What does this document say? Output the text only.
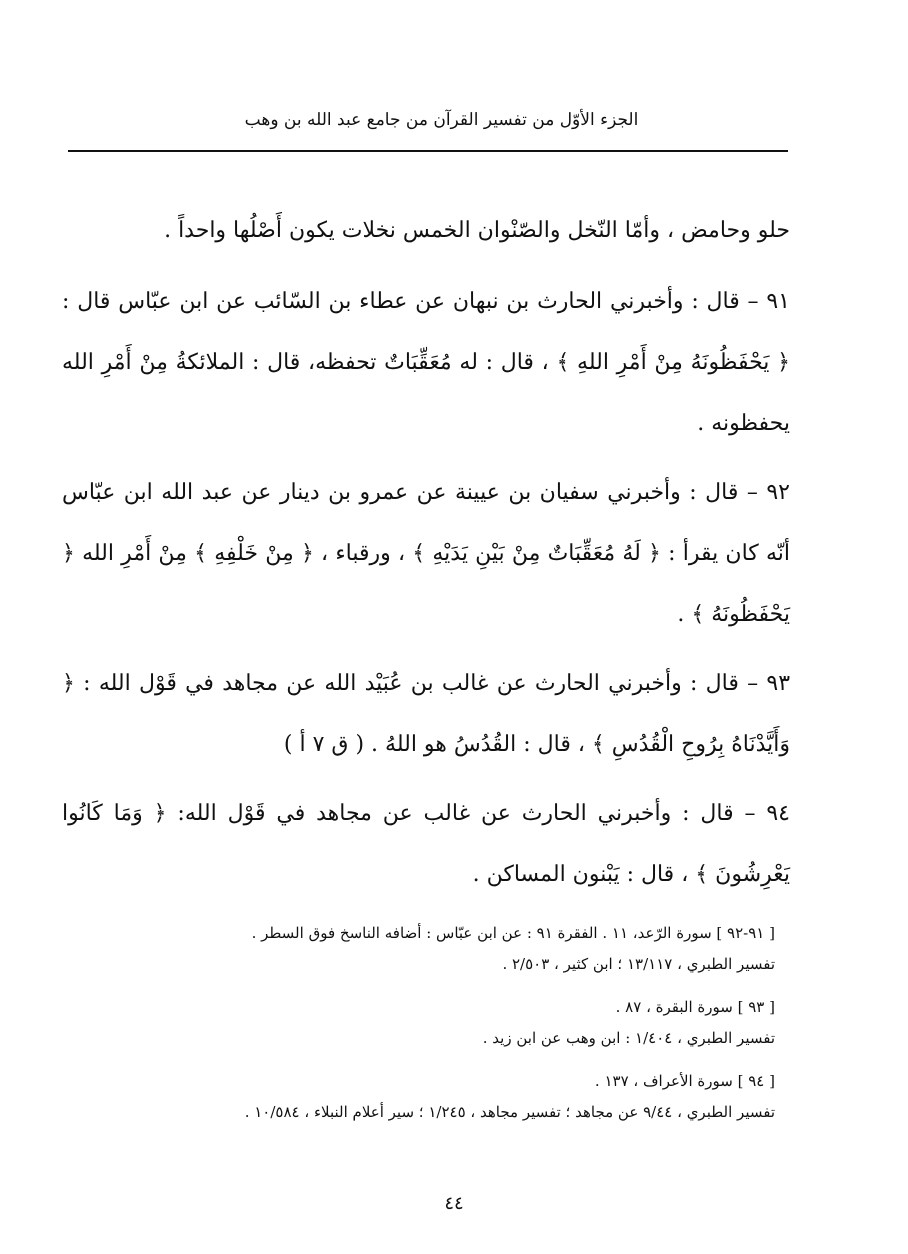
الجزء الأوّل من تفسير القرآن من جامع عبد الله بن وهب

حلو وحامض ، وأمّا النّخل والصّنْوان الخمس نخلات يكون أَصْلُها واحداً .

٩١ – قال : وأخبرني الحارث بن نبهان عن عطاء بن السّائب عن ابن عبّاس قال : ﴿ يَحْفَظُونَهُ مِنْ أَمْرِ اللهِ ﴾ ، قال : له مُعَقِّبَاتٌ تحفظه، قال : الملائكةُ مِنْ أَمْرِ الله يحفظونه .

٩٢ – قال : وأخبرني سفيان بن عيينة عن عمرو بن دينار عن عبد الله ابن عبّاس أنّه كان يقرأ : ﴿ لَهُ مُعَقِّبَاتٌ مِنْ بَيْنِ يَدَيْهِ ﴾ ، ورقباء ، ﴿ مِنْ خَلْفِهِ ﴾ مِنْ أَمْرِ الله ﴿ يَحْفَظُونَهُ ﴾ .

٩٣ – قال : وأخبرني الحارث عن غالب بن عُبَيْد الله عن مجاهد في قَوْل الله : ﴿ وَأَيَّدْنَاهُ بِرُوحِ الْقُدُسِ ﴾ ، قال : القُدُسُ هو اللهُ . ( ق ٧ أ )

٩٤ – قال : وأخبرني الحارث عن غالب عن مجاهد في قَوْل الله: ﴿ وَمَا كَانُوا يَعْرِشُونَ ﴾ ، قال : يَبْنون المساكن .

[ ٩١-٩٢ ] سورة الرّعد، ١١ . الفقرة ٩١ : عن ابن عبّاس : أضافه الناسخ فوق السطر .

تفسير الطبري ، ١٣/١١٧ ؛ ابن كثير ، ٢/٥٠٣ .

[ ٩٣ ] سورة البقرة ، ٨٧ .

تفسير الطبري ، ١/٤٠٤ : ابن وهب عن ابن زيد .

[ ٩٤ ] سورة الأعراف ، ١٣٧ .

تفسير الطبري ، ٩/٤٤ عن مجاهد ؛ تفسير مجاهد ، ١/٢٤٥ ؛ سير أعلام النبلاء ، ١٠/٥٨٤ .

٤٤
